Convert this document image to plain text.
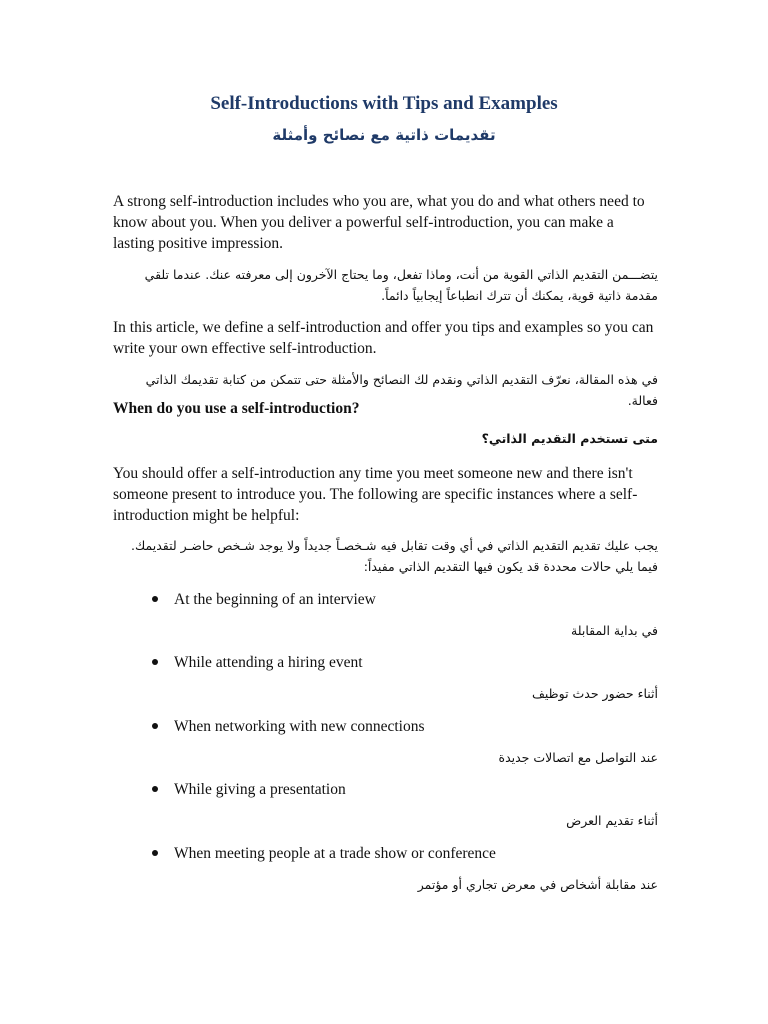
Self-Introductions with Tips and Examples
تقديمات ذاتية مع نصائح وأمثلة
A strong self-introduction includes who you are, what you do and what others need to know about you. When you deliver a powerful self-introduction, you can make a lasting positive impression.
يتضـــمن التقديم الذاتي القوية من أنت، وماذا تفعل، وما يحتاج الآخرون إلى معرفته عنك. عندما تلقي مقدمة ذاتية قوية، يمكنك أن تترك انطباعاً إيجابياً دائماً.
In this article, we define a self-introduction and offer you tips and examples so you can write your own effective self-introduction.
في هذه المقالة، نعرّف التقديم الذاتي ونقدم لك النصائح والأمثلة حتى تتمكن من كتابة تقديمك الذاتي فعالة.
When do you use a self-introduction?
متى تستخدم التقديم الذاتي؟
You should offer a self-introduction any time you meet someone new and there isn't someone present to introduce you. The following are specific instances where a self-introduction might be helpful:
يجب عليك تقديم التقديم الذاتي في أي وقت تقابل فيه شـخصـاً جديداً ولا يوجد شـخص حاضـر لتقديمك. فيما يلي حالات محددة قد يكون فيها التقديم الذاتي مفيداً:
At the beginning of an interview
في بداية المقابلة
While attending a hiring event
أثناء حضور حدث توظيف
When networking with new connections
عند التواصل مع اتصالات جديدة
While giving a presentation
أثناء تقديم العرض
When meeting people at a trade show or conference
عند مقابلة أشخاص في معرض تجاري أو مؤتمر
